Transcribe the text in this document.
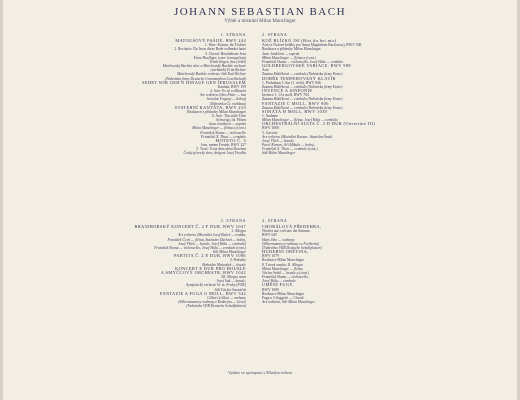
JOHANN SEBASTIAN BACH
Výběr a mistrání Milan Munclinger
1. STRANA
MATOUŠOVY PAŠIJE, BWV 244
1. Sbor: Komm, ihr Töchter
2. Recitativ: Da Jesus diese Rede vollendet hatte
3. Choral: Herzliebster Jesu
Ernst Haefliger, tenor (evangelista)
Kieth Engen, bas (Ježíš)
Mnichovský Bachův sbor a Mnichovský Bachův orchestr
(varhaník) Fritz Richter
Mnichovský Bachův orchestr, řídí Karl Richter
(Nahrávka firmy Deutsche Grammophon Gesellschaft)
SEHET WIR GEH'N HINAUF GEN JERUSALEM
Kantáta, BWV 159
4. Arie: Es ist vollbracht
Ars rediviva (Otto Pitter — bas
Jaroslav Fogany — hoboj)
(Nahrávka Čs. rozhlasu)
SVATEBNÍ KANTÁTA, BWV 210
Realizace a přídavky Milan Munclinger
6. Arie: Tön süße Töne
Schweigt, ihr Flöten
Jana Jonášová — soprán
Milan Munclinger — flétna a (cont.)
František Slama — violoncello
František X. Thuri — cembalo
MOTETO Č. 3
Jesu, meine Freude, BWV 227
5. Trost: Trotz dem alten Drachen
Český pěvecký sbor, dirigent Josef Veselka
2. STRANA
KOŽ BLÍZKO JSI (Bist du bei mir)
Arie (z Notové knížky pro Annu Magdalenu Bachovou), BWV 508
Realizace a přídavky Milan Munclinger
Jana Jonášová — soprán
Milan Munclinger — flétna a (cont.)
František Slama — violoncello, Josef Hála — cembalo
GOLDBERGOVSKÉ VARIACE, BWV 988
Aria
Zuzana Růžičková — cembalo (Nahrávka firmy Erato)
DOBŘE TEMPEROVANÝ KLAVÍR
1. Preludium C dur (1. sešit), BWV 846
Zuzana Růžičková — cembalo (Nahrávka firmy Erato)
INVENCE A SINFONIE
Invence č. 13 a moll, BWV 784
Zuzana Růžičková — cembalo (Nahrávka firmy Erato)
FANTAZIE C MOLL, BWV 906
Zuzana Růžičková — cembalo (Nahrávka firmy Erato)
SONÁTA H MOLL, BWV 1030
1. Andante
Milan Munclinger — flétna, Josef Hála — cembalo
ORCHESTRÁLNÍ SUITA Č. 3 D DUR (Ouvertüre III)
BWV 1068
5. Gavotte
Ars rediviva (Mistrální Karanc. Stanislav Šmíd,
Josef Vlček — housle,
Pavel Kirnan, Jiří Mikula — hoboj,
František X. Thuri — cembalo (cont.)
řídí Milan Munclinger
3. STRANA
BRANIBORSKÝ KONCERT Č. 2 F DUR, BWV 1047
1. Allegro
Ars rediviva (Mistrální Josef Rabeš — trubka,
František Čech — flétna, Stanislav Duchoň — hoboj,
Josef Vlček — housle, Josef Hála — cembalo)
František Slama — violoncello, Josef Hála — cembalo (cont.)
řídí Milan Munclinger
PARTITA Č. 2 E DUR, BWV 1006
3. Preludio
Bohuslav Matoušek — housle
KONCERT E DUR PRO HOUSLE
A SMYČCOVÝ ORCHESTR, BWV 1042
III. Allegro assai
Josef Suk — housle,
Symfonický orchestr hl. m. Prahy (FOK)
řídí Václav Smetáček
FANTAZIE A FUGA G MOLL, BWV 542
Gilbert Colbat — varhany
(Silbermannovy varhany z Rotštejnu — Greiz)
(Nahrávka VEB Deutsche Schallplatten)
4. STRANA
CHORÁLOVÁ PŘEDEHRA,
Wachet auf, ruft uns die Stimme,
BWV 645
Hans Otto — varhany
(Silbermannovy varhany ve Freiberku)
(Nahrávka VEB Deutsche Schallplatten)
HUDEBNÍ OBĚTINA,
BWV 1079
Realizace Milan Munclinger
8. Triová sonáta: II. Allegro
Milan Munclinger — flétna,
Václav Snítil — housle a (cont.)
František Slama — violoncello,
Josef Hála — cembalo
UMĚNÍ FUGY,
BWV 1080
Realizace Milan Munclinger
Fuga a 3 Soggetti — Choral
Ars rediviva, řídí Milan Munclinger
Vydáno ve spolupráci s Mladým světem
